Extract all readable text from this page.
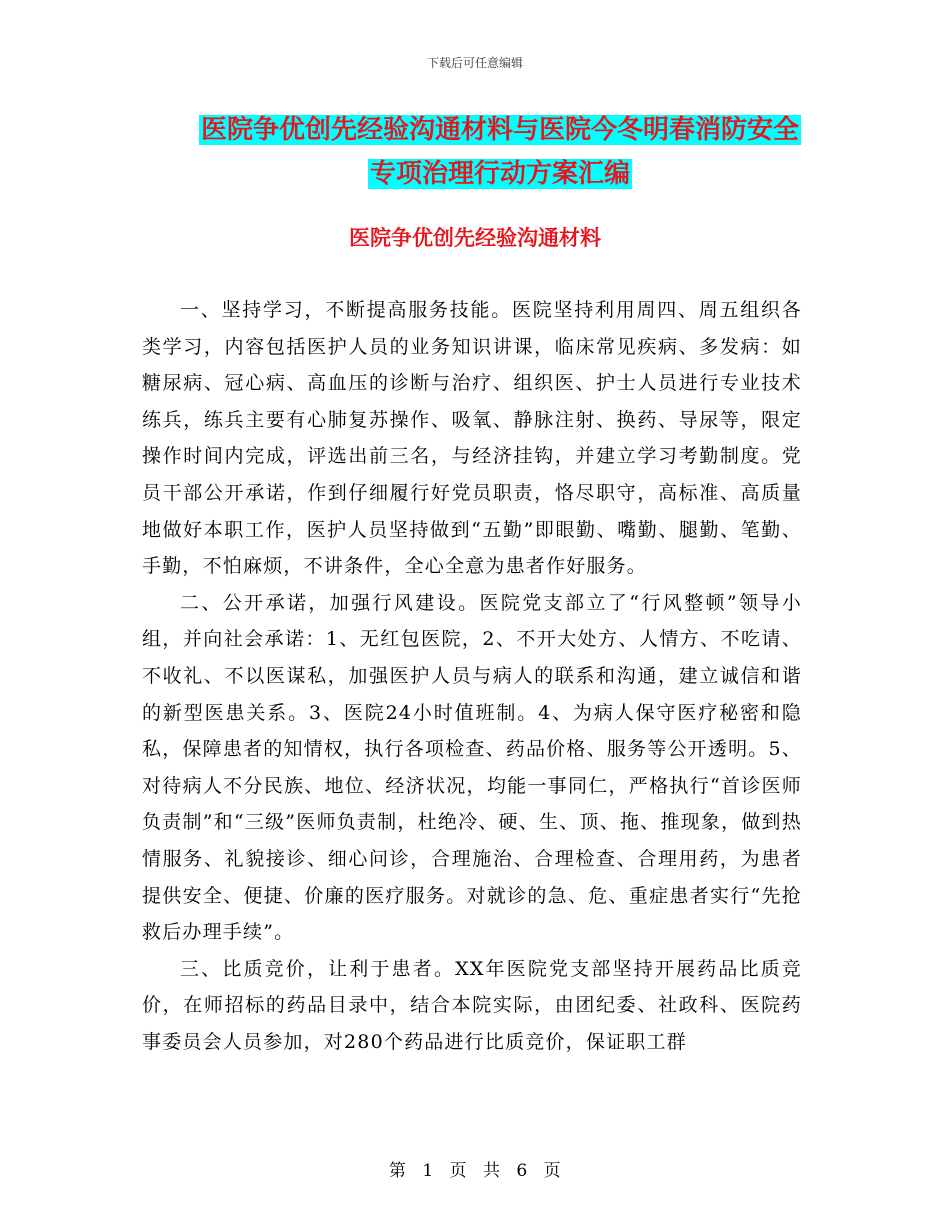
下载后可任意编辑
医院争优创先经验沟通材料与医院今冬明春消防安全
专项治理行动方案汇编
医院争优创先经验沟通材料

一、坚持学习，不断提高服务技能。医院坚持利用周四、周五组织各类学习，内容包括医护人员的业务知识讲课，临床常见疾病、多发病：如糖尿病、冠心病、高血压的诊断与治疗、组织医、护士人员进行专业技术练兵，练兵主要有心肺复苏操作、吸氧、静脉注射、换药、导尿等，限定操作时间内完成，评选出前三名，与经济挂钩，并建立学习考勤制度。党员干部公开承诺，作到仔细履行好党员职责，恪尽职守，高标准、高质量地做好本职工作，医护人员坚持做到“五勤”即眼勤、嘴勤、腿勤、笔勤、手勤，不怕麻烦，不讲条件，全心全意为患者作好服务。

二、公开承诺，加强行风建设。医院党支部立了“行风整顿”领导小组，并向社会承诺：1、无红包医院，2、不开大处方、人情方、不吃请、不收礼、不以医谋私，加强医护人员与病人的联系和沟通，建立诚信和谐的新型医患关系。3、医院24小时值班制。4、为病人保守医疗秘密和隐私，保障患者的知情权，执行各项检查、药品价格、服务等公开透明。5、对待病人不分民族、地位、经济状况，均能一事同仁，严格执行“首诊医师负责制”和“三级”医师负责制，杜绝冷、硬、生、顶、拖、推现象，做到热情服务、礼貌接诊、细心问诊，合理施治、合理检查、合理用药，为患者提供安全、便捷、价廉的医疗服务。对就诊的急、危、重症患者实行“先抢救后办理手续”。

三、比质竞价，让利于患者。XX年医院党支部坚持开展药品比质竞价，在师招标的药品目录中，结合本院实际，由团纪委、社政科、医院药事委员会人员参加，对280个药品进行比质竞价，保证职工群

第 1 页 共 6 页
